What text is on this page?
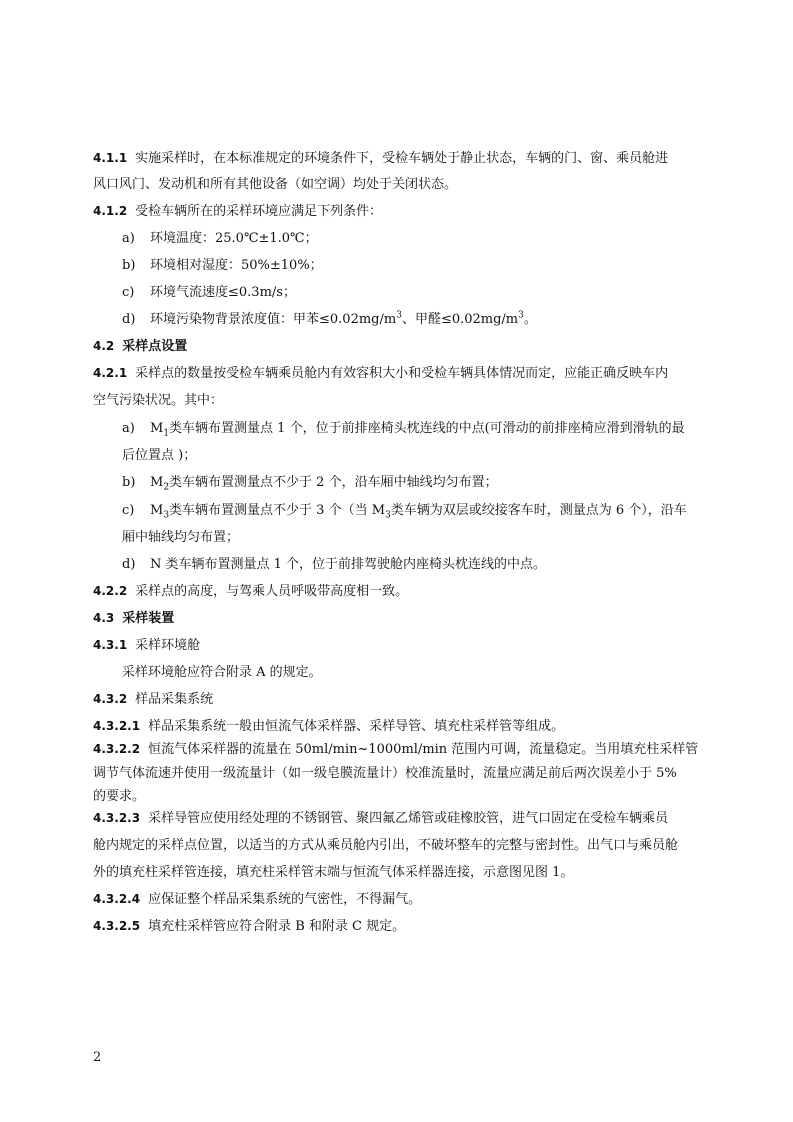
4.1.1 实施采样时，在本标准规定的环境条件下，受检车辆处于静止状态，车辆的门、窗、乘员舱进
风口风门、发动机和所有其他设备（如空调）均处于关闭状态。
4.1.2 受检车辆所在的采样环境应满足下列条件：
a) 环境温度：25.0℃±1.0℃；
b) 环境相对湿度：50%±10%；
c) 环境气流速度≤0.3m/s；
d) 环境污染物背景浓度值：甲苯$\le 0.02mg/m^3$、甲醛$\le 0.02mg/m^3$。
4.2 采样点设置
4.2.1 采样点的数量按受检车辆乘员舱内有效容积大小和受检车辆具体情况而定，应能正确反映车内
空气污染状况。其中：
a) $M_1$类车辆布置测量点 1 个，位于前排座椅头枕连线的中点(可滑动的前排座椅应滑到滑轨的最
后位置点 )；
b) $M_2$类车辆布置测量点不少于 2 个，沿车厢中轴线均匀布置；
c) $M_3$类车辆布置测量点不少于 3 个（当 $M_3$类车辆为双层或绞接客车时，测量点为 6 个），沿车
厢中轴线均匀布置；
d) N 类车辆布置测量点 1 个，位于前排驾驶舱内座椅头枕连线的中点。
4.2.2 采样点的高度，与驾乘人员呼吸带高度相一致。
4.3 采样装置
4.3.1 采样环境舱
采样环境舱应符合附录 A 的规定。
4.3.2 样品采集系统
4.3.2.1 样品采集系统一般由恒流气体采样器、采样导管、填充柱采样管等组成。
4.3.2.2 恒流气体采样器的流量在 50ml/min~1000ml/min 范围内可调，流量稳定。当用填充柱采样管
调节气体流速并使用一级流量计（如一级皂膜流量计）校准流量时，流量应满足前后两次误差小于 5%
的要求。
4.3.2.3 采样导管应使用经处理的不锈钢管、聚四氟乙烯管或硅橡胶管，进气口固定在受检车辆乘员
舱内规定的采样点位置，以适当的方式从乘员舱内引出，不破坏整车的完整与密封性。出气口与乘员舱
外的填充柱采样管连接，填充柱采样管末端与恒流气体采样器连接，示意图见图 1。
4.3.2.4 应保证整个样品采集系统的气密性，不得漏气。
4.3.2.5 填充柱采样管应符合附录 B 和附录 C 规定。
2
